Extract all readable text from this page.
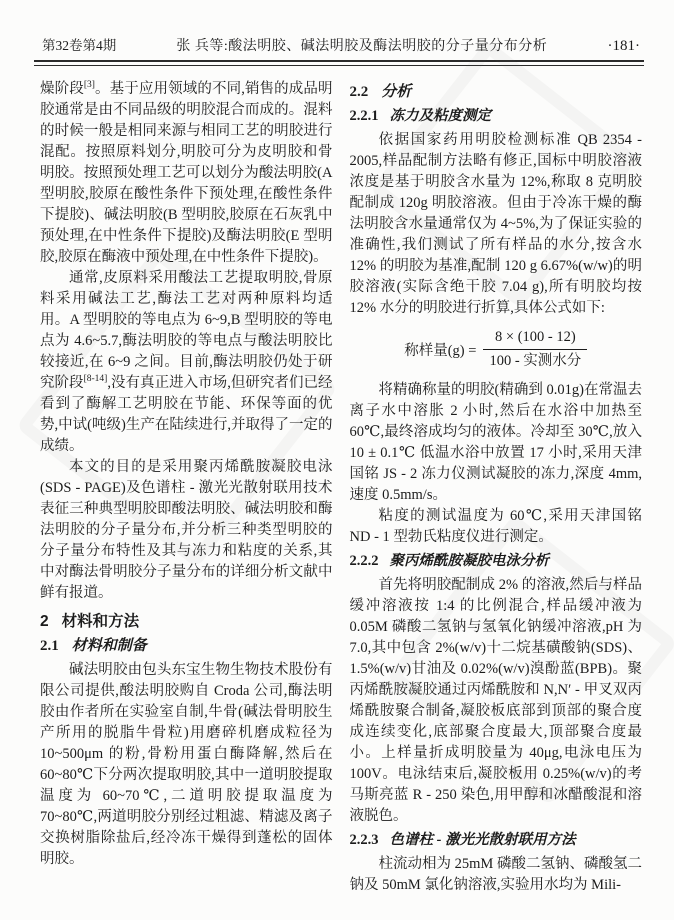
第32卷第4期	张 兵等:酸法明胶、碱法明胶及酶法明胶的分子量分布分析	·181·

燥阶段[3]。基于应用领域的不同,销售的成品明胶通常是由不同品级的明胶混合而成的。混料的时候一般是相同来源与相同工艺的明胶进行混配。按照原料划分,明胶可分为皮明胶和骨明胶。按照预处理工艺可以划分为酸法明胶(A 型明胶,胶原在酸性条件下预处理,在酸性条件下提胶)、碱法明胶(B 型明胶,胶原在石灰乳中预处理,在中性条件下提胶)及酶法明胶(E 型明胶,胶原在酶液中预处理,在中性条件下提胶)。

通常,皮原料采用酸法工艺提取明胶,骨原料采用碱法工艺,酶法工艺对两种原料均适用。A 型明胶的等电点为 6~9,B 型明胶的等电点为 4.6~5.7,酶法明胶的等电点与酸法明胶比较接近,在 6~9 之间。目前,酶法明胶仍处于研究阶段[8-14],没有真正进入市场,但研究者们已经看到了酶解工艺明胶在节能、环保等面的优势,中试(吨级)生产在陆续进行,并取得了一定的成绩。

本文的目的是采用聚丙烯酰胺凝胶电泳(SDS - PAGE)及色谱柱 - 激光光散射联用技术表征三种典型明胶即酸法明胶、碱法明胶和酶法明胶的分子量分布,并分析三种类型明胶的分子量分布特性及其与冻力和粘度的关系,其中对酶法骨明胶分子量分布的详细分析文献中鲜有报道。

2 材料和方法
2.1 材料和制备

碱法明胶由包头东宝生物生物技术股份有限公司提供,酸法明胶购自 Croda 公司,酶法明胶由作者所在实验室自制,牛骨(碱法骨明胶生产所用的脱脂牛骨粒)用磨碎机磨成粒径为 10~500μm 的粉,骨粉用蛋白酶降解,然后在 60~80℃下分两次提取明胶,其中一道明胶提取温度为 60~70℃,二道明胶提取温度为 70~80℃,两道明胶分别经过粗滤、精滤及离子交换树脂除盐后,经冷冻干燥得到蓬松的固体明胶。

2.2 分析
2.2.1 冻力及粘度测定

依据国家药用明胶检测标准 QB 2354 - 2005,样品配制方法略有修正,国标中明胶溶液浓度是基于明胶含水量为 12%,称取 8 克明胶配制成 120g 明胶溶液。但由于冷冻干燥的酶法明胶含水量通常仅为 4~5%,为了保证实验的准确性,我们测试了所有样品的水分,按含水 12% 的明胶为基准,配制 120 g 6.67%(w/w)的明胶溶液(实际含绝干胶 7.04 g),所有明胶均按 12% 水分的明胶进行折算,具体公式如下:

称样量$(g) = \frac{8 \times (100 - 12)}{\text{100 - 实测水分}}$

将精确称量的明胶(精确到 0.01g)在常温去离子水中溶胀 2 小时,然后在水浴中加热至 60℃,最终溶成均匀的液体。冷却至 30℃,放入 10 ± 0.1℃ 低温水浴中放置 17 小时,采用天津国铭 JS - 2 冻力仪测试凝胶的冻力,深度 4mm,速度 0.5mm/s。

粘度的测试温度为 60℃,采用天津国铭 ND - 1 型勃氏粘度仪进行测定。

2.2.2 聚丙烯酰胺凝胶电泳分析

首先将明胶配制成 2% 的溶液,然后与样品缓冲溶液按 1:4 的比例混合,样品缓冲液为 0.05M 磷酸二氢钠与氢氧化钠缓冲溶液,pH 为 7.0,其中包含 2%(w/v)十二烷基磺酸钠(SDS)、1.5%(w/v)甘油及 0.02%(w/v)溴酚蓝(BPB)。聚丙烯酰胺凝胶通过丙烯酰胺和 N,N′ - 甲叉双丙烯酰胺聚合制备,凝胶板底部到顶部的聚合度成连续变化,底部聚合度最大,顶部聚合度最小。上样量折成明胶量为 40μg,电泳电压为 100V。电泳结束后,凝胶板用 0.25%(w/v)的考马斯亮蓝 R - 250 染色,用甲醇和冰醋酸混和溶液脱色。

2.2.3 色谱柱 - 激光光散射联用方法

柱流动相为 25mM 磷酸二氢钠、磷酸氢二钠及 50mM 氯化钠溶液,实验用水均为 Mili-
